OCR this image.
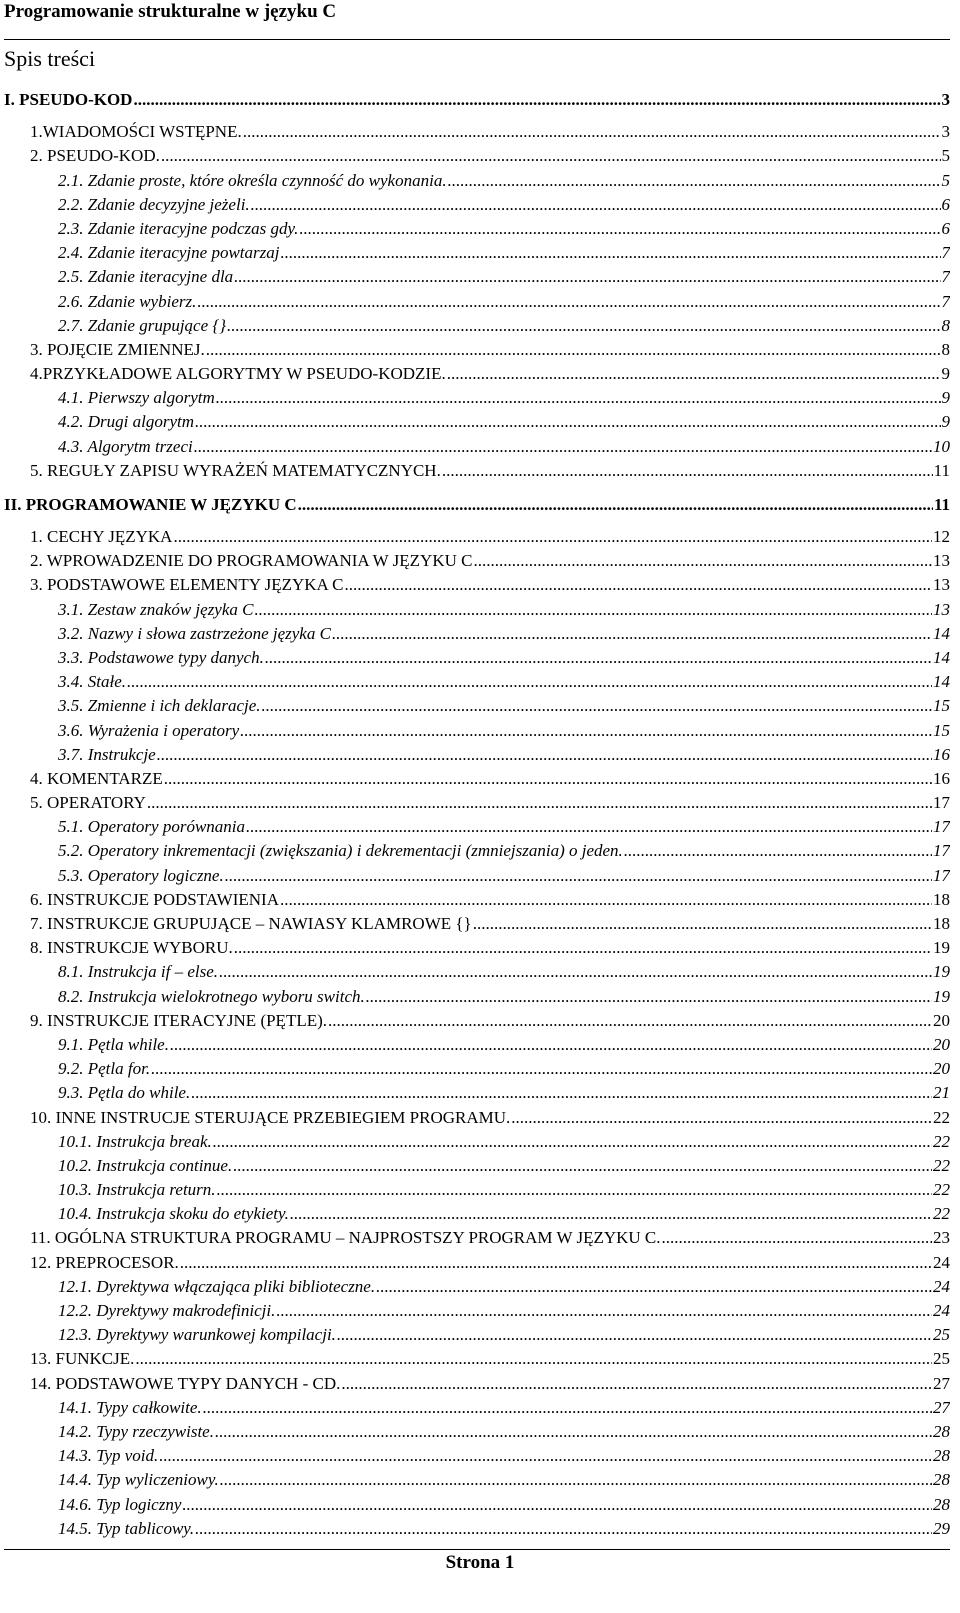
Programowanie strukturalne w języku C
Spis treści
I. PSEUDO-KOD .....	3
1.WIADOMOŚCI WSTĘPNE. .....	3
2. PSEUDO-KOD. .....	5
2.1. Zdanie proste, które określa czynność do wykonania. .....	5
2.2. Zdanie decyzyjne jeżeli. .....	6
2.3. Zdanie iteracyjne podczas gdy. .....	6
2.4. Zdanie iteracyjne powtarzaj .....	7
2.5. Zdanie iteracyjne dla .....	7
2.6. Zdanie wybierz. .....	7
2.7. Zdanie grupujące {} .....	8
3. POJĘCIE ZMIENNEJ. .....	8
4.PRZYKŁADOWE ALGORYTMY W PSEUDO-KODZIE. .....	9
4.1. Pierwszy algorytm .....	9
4.2. Drugi algorytm .....	9
4.3. Algorytm trzeci .....	10
5. REGUŁY ZAPISU WYRAŻEŃ MATEMATYCZNYCH. .....	11
II. PROGRAMOWANIE W JĘZYKU C .....	11
1. CECHY JĘZYKA .....	12
2. WPROWADZENIE DO PROGRAMOWANIA W JĘZYKU C .....	13
3. PODSTAWOWE ELEMENTY JĘZYKA C .....	13
3.1. Zestaw znaków języka C .....	13
3.2. Nazwy i słowa zastrzeżone języka C .....	14
3.3. Podstawowe typy danych. .....	14
3.4. Stałe. .....	14
3.5. Zmienne i ich deklaracje. .....	15
3.6. Wyrażenia i operatory .....	15
3.7. Instrukcje .....	16
4. KOMENTARZE .....	16
5. OPERATORY .....	17
5.1. Operatory porównania .....	17
5.2. Operatory inkrementacji (zwiększania) i dekrementacji (zmniejszania) o jeden. .....	17
5.3. Operatory logiczne. .....	17
6. INSTRUKCJE PODSTAWIENIA .....	18
7. INSTRUKCJE GRUPUJĄCE – NAWIASY KLAMROWE {} .....	18
8. INSTRUKCJE WYBORU. .....	19
8.1. Instrukcja if – else. .....	19
8.2. Instrukcja wielokrotnego wyboru switch. .....	19
9. INSTRUKCJE ITERACYJNE (PĘTLE). .....	20
9.1. Pętla while. .....	20
9.2. Pętla for. .....	20
9.3. Pętla do while. .....	21
10. INNE INSTRUCJE STERUJĄCE PRZEBIEGIEM PROGRAMU. .....	22
10.1. Instrukcja break. .....	22
10.2. Instrukcja continue. .....	22
10.3. Instrukcja return. .....	22
10.4. Instrukcja skoku do etykiety. .....	22
11. OGÓLNA STRUKTURA PROGRAMU – NAJPROSTSZY PROGRAM W JĘZYKU C. .....	23
12. PREPROCESOR. .....	24
12.1. Dyrektywa włączająca pliki biblioteczne. .....	24
12.2. Dyrektywy makrodefinicji. .....	24
12.3. Dyrektywy warunkowej kompilacji. .....	25
13. FUNKCJE. .....	25
14. PODSTAWOWE TYPY DANYCH - CD. .....	27
14.1. Typy całkowite. .....	27
14.2. Typy rzeczywiste. .....	28
14.3. Typ void. .....	28
14.4. Typ wyliczeniowy. .....	28
14.6. Typ logiczny .....	28
14.5. Typ tablicowy. .....	29
Strona 1
